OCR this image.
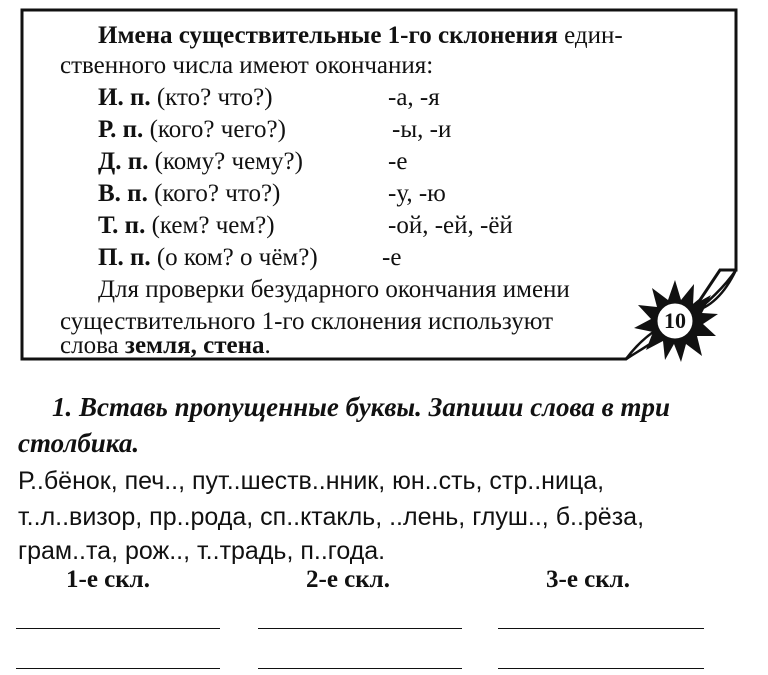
Имена существительные 1-го склонения един-
ственного числа имеют окончания:
И. п. (кто? что?)	-а, -я
Р. п. (кого? чего?)	-ы, -и
Д. п. (кому? чему?)	-е
В. п. (кого? что?)	-у, -ю
Т. п. (кем? чем?)	-ой, -ей, -ёй
П. п. (о ком? о чём?)	-е
Для проверки безударного окончания имени
существительного 1-го склонения используют
слова земля, стена.
10
1. Вставь пропущенные буквы. Запиши слова в три
столбика.
Р..бёнок, печ.., пут..шеств..нник, юн..сть, стр..ница,
т..л..визор, пр..рода, сп..ктакль, ..лень, глуш.., б..рёза,
грам..та, рож.., т..традь, п..года.
1-е скл.	2-е скл.	3-е скл.
